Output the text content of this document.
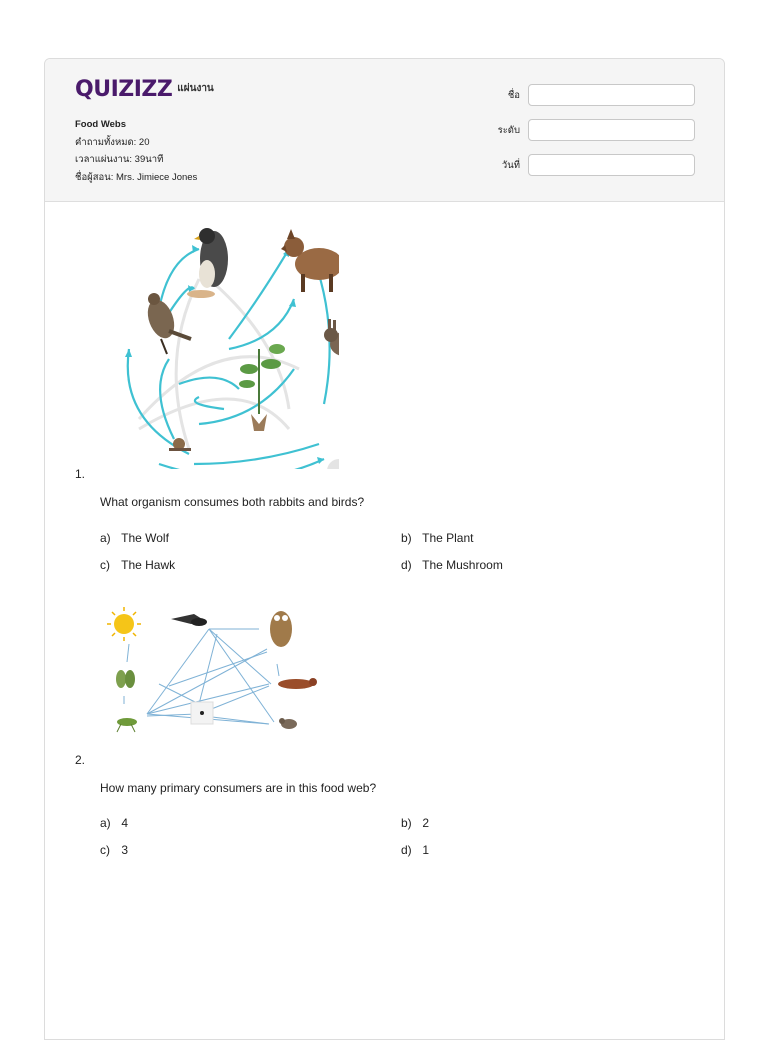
QUIZIZZ แผ่นงาน
Food Webs
คำถามทั้งหมด: 20
เวลาแผ่นงาน: 39นาที
ชื่อผู้สอน: Mrs. Jimiece Jones
ชื่อ
ระดับ
วันที่
1.
What organism consumes both rabbits and birds?
a) The Wolf	b) The Plant
c) The Hawk	d) The Mushroom
2.
How many primary consumers are in this food web?
a) 4	b) 2
c) 3	d) 1
